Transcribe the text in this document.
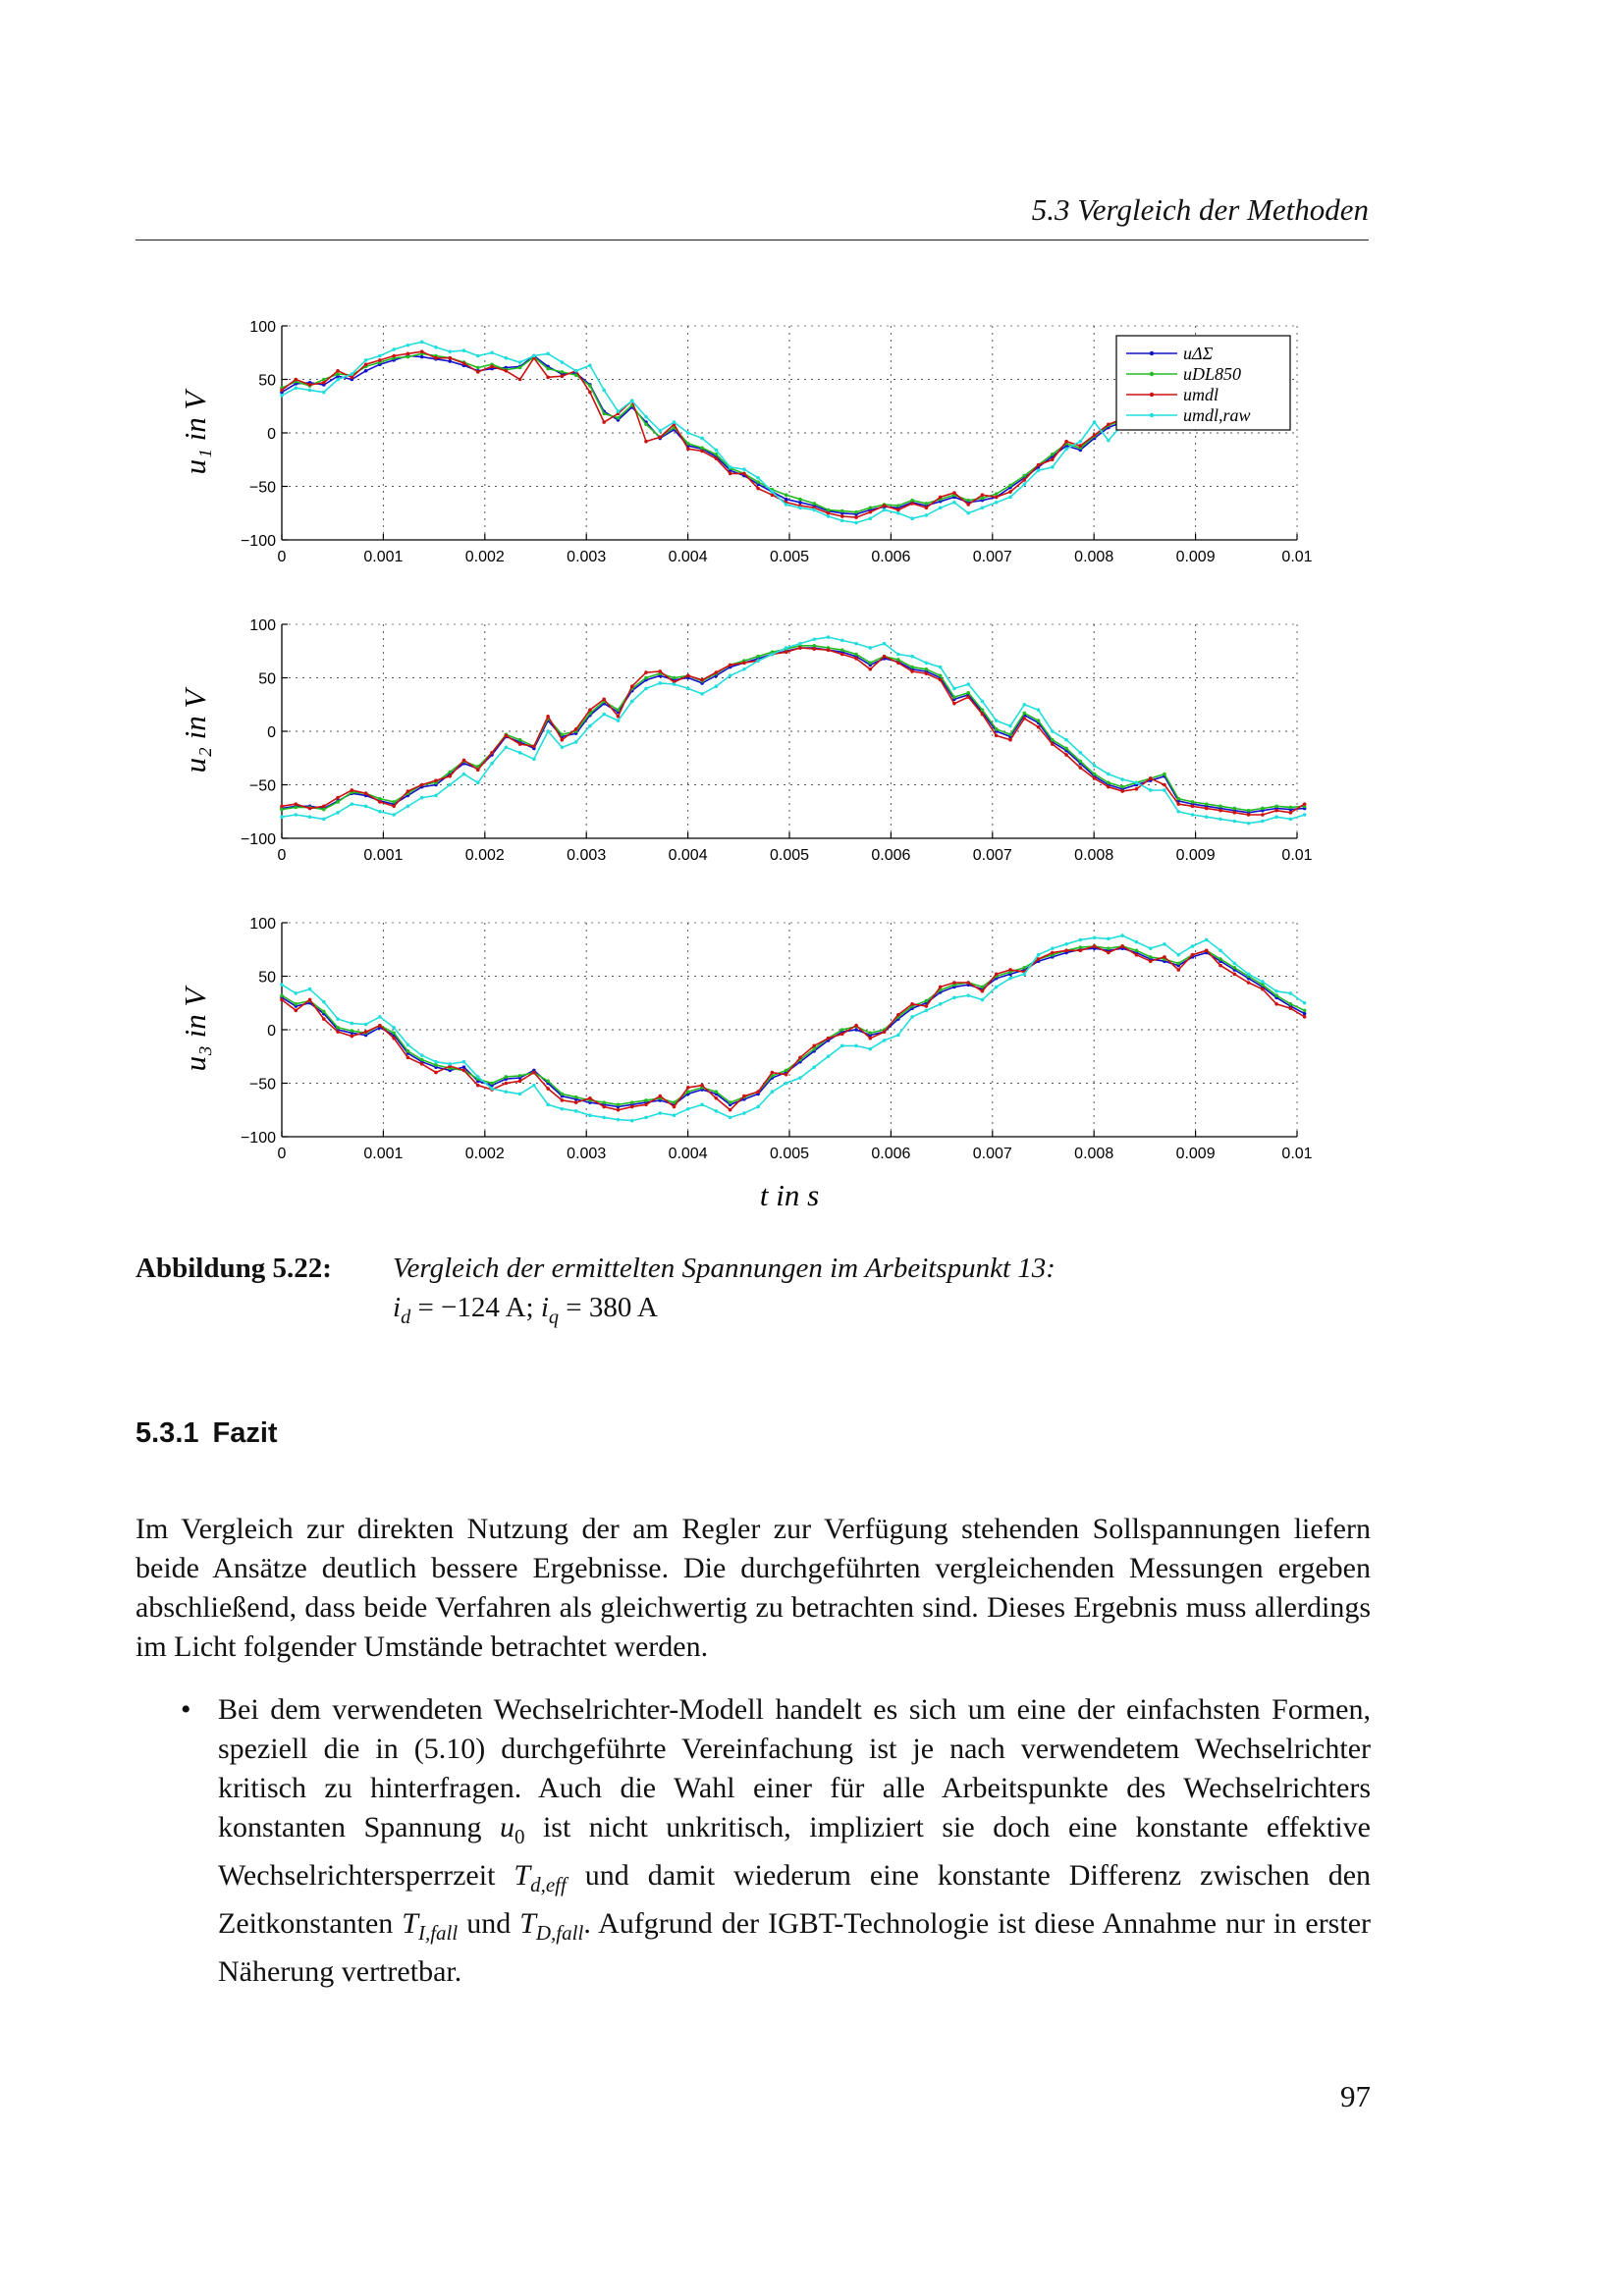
5.3 Vergleich der Methoden
0	0.001	0.002	0.003	0.004	0.005	0.006	0.007	0.008	0.009	0.01
100
50
0
−50
−100
u₁ in V
uΔΣ
uDL850
umdl
umdl,raw
0	0.001	0.002	0.003	0.004	0.005	0.006	0.007	0.008	0.009	0.01
100
50
0
−50
−100
u₂ in V
0	0.001	0.002	0.003	0.004	0.005	0.006	0.007	0.008	0.009	0.01
100
50
0
−50
−100
u₃ in V
t in s
Abbildung 5.22: Vergleich der ermittelten Spannungen im Arbeitspunkt 13:
$i_d = -124$ A; $i_q = 380$ A
5.3.1 Fazit
Im Vergleich zur direkten Nutzung der am Regler zur Verfügung stehenden Sollspannungen liefern beide Ansätze deutlich bessere Ergebnisse. Die durchgeführten vergleichenden Messungen ergeben abschließend, dass beide Verfahren als gleichwertig zu betrachten sind. Dieses Ergebnis muss allerdings im Licht folgender Umstände betrachtet werden.
• Bei dem verwendeten Wechselrichter-Modell handelt es sich um eine der einfachsten Formen, speziell die in (5.10) durchgeführte Vereinfachung ist je nach verwendetem Wechselrichter kritisch zu hinterfragen. Auch die Wahl einer für alle Arbeitspunkte des Wechselrichters konstanten Spannung $u_0$ ist nicht unkritisch, impliziert sie doch eine konstante effektive Wechselrichtersperrzeit $T_{d,eff}$ und damit wiederum eine konstante Differenz zwischen den Zeitkonstanten $T_{I,fall}$ und $T_{D,fall}$. Aufgrund der IGBT-Technologie ist diese Annahme nur in erster Näherung vertretbar.
97
